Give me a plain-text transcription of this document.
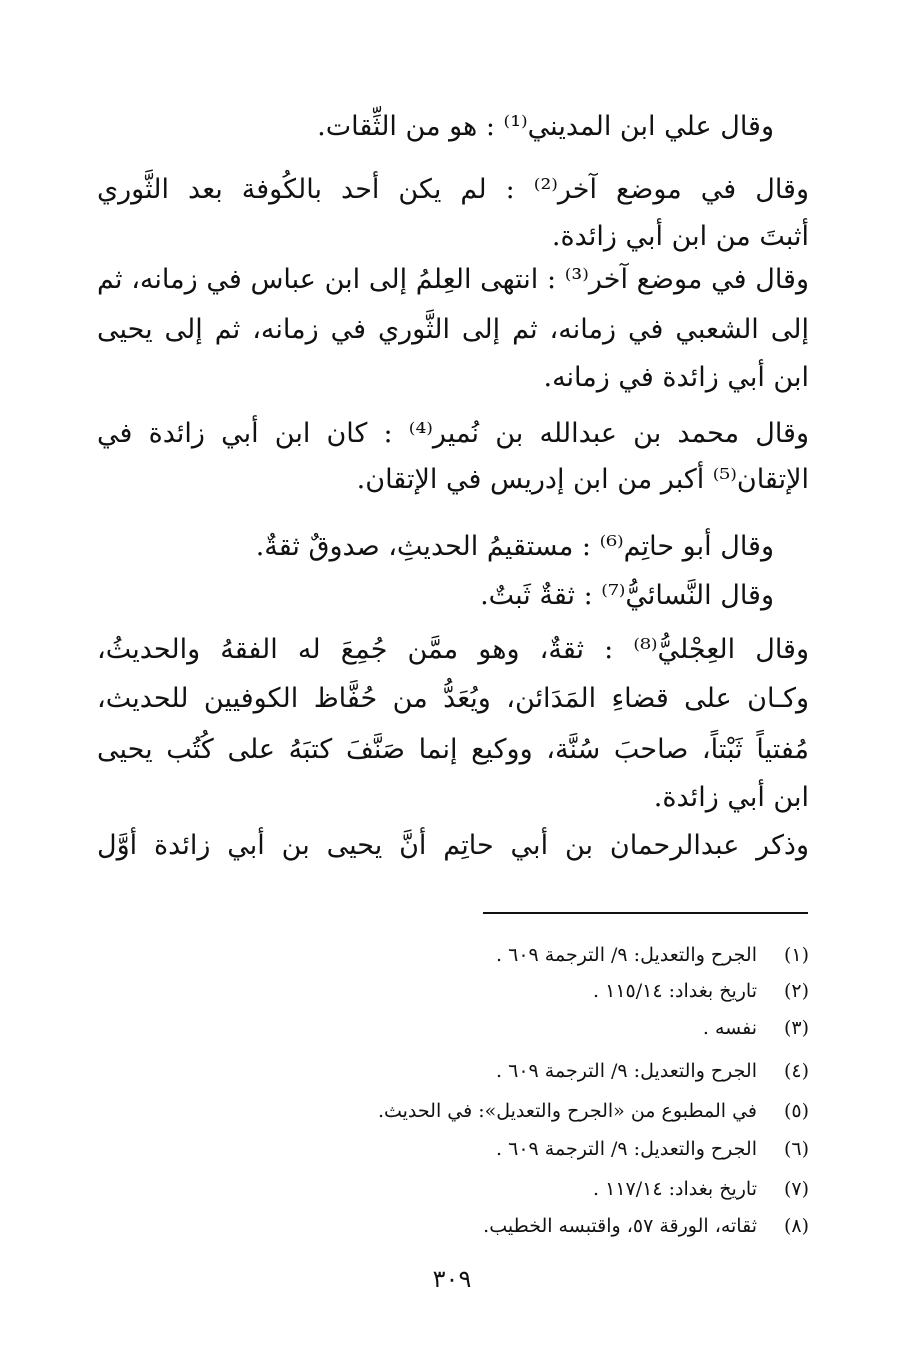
وقال علي ابن المديني⁽¹⁾ : هو من الثِّقات.
وقال في موضع آخر⁽²⁾ : لم يكن أحد بالكُوفة بعد الثَّوري
أثبتَ من ابن أبي زائدة.
وقال في موضع آخر⁽³⁾ : انتهى العِلمُ إلى ابن عباس في زمانه، ثم
إلى الشعبي في زمانه، ثم إلى الثَّوري في زمانه، ثم إلى يحيى
ابن أبي زائدة في زمانه.
وقال محمد بن عبدالله بن نُمير⁽⁴⁾ : كان ابن أبي زائدة في
الإتقان⁽⁵⁾ أكبر من ابن إدريس في الإتقان.
وقال أبو حاتِم⁽⁶⁾ : مستقيمُ الحديثِ، صدوقٌ ثقةٌ.
وقال النَّسائيُّ⁽⁷⁾ : ثقةٌ ثَبتٌ.
وقال العِجْليُّ⁽⁸⁾ : ثقةٌ، وهو ممَّن جُمِعَ له الفقهُ والحديثُ،
وكـان على قضاءِ المَدَائن، ويُعَدُّ من حُفَّاظ الكوفيين للحديث،
مُفتياً ثَبْتاً، صاحبَ سُنَّة، ووكيع إنما صَنَّفَ كتبَهُ على كُتُب يحيى
ابن أبي زائدة.
وذكر عبدالرحمان بن أبي حاتِم أنَّ يحيى بن أبي زائدة أوَّل
(١)الجرح والتعديل: ٩/ الترجمة ٦٠٩ .
(٢)تاريخ بغداد: ١١٥/١٤ .
(٣)نفسه .
(٤)الجرح والتعديل: ٩/ الترجمة ٦٠٩ .
(٥)في المطبوع من «الجرح والتعديل»: في الحديث.
(٦)الجرح والتعديل: ٩/ الترجمة ٦٠٩ .
(٧)تاريخ بغداد: ١١٧/١٤ .
(٨)ثقاته، الورقة ٥٧، واقتبسه الخطيب.
٣٠٩
